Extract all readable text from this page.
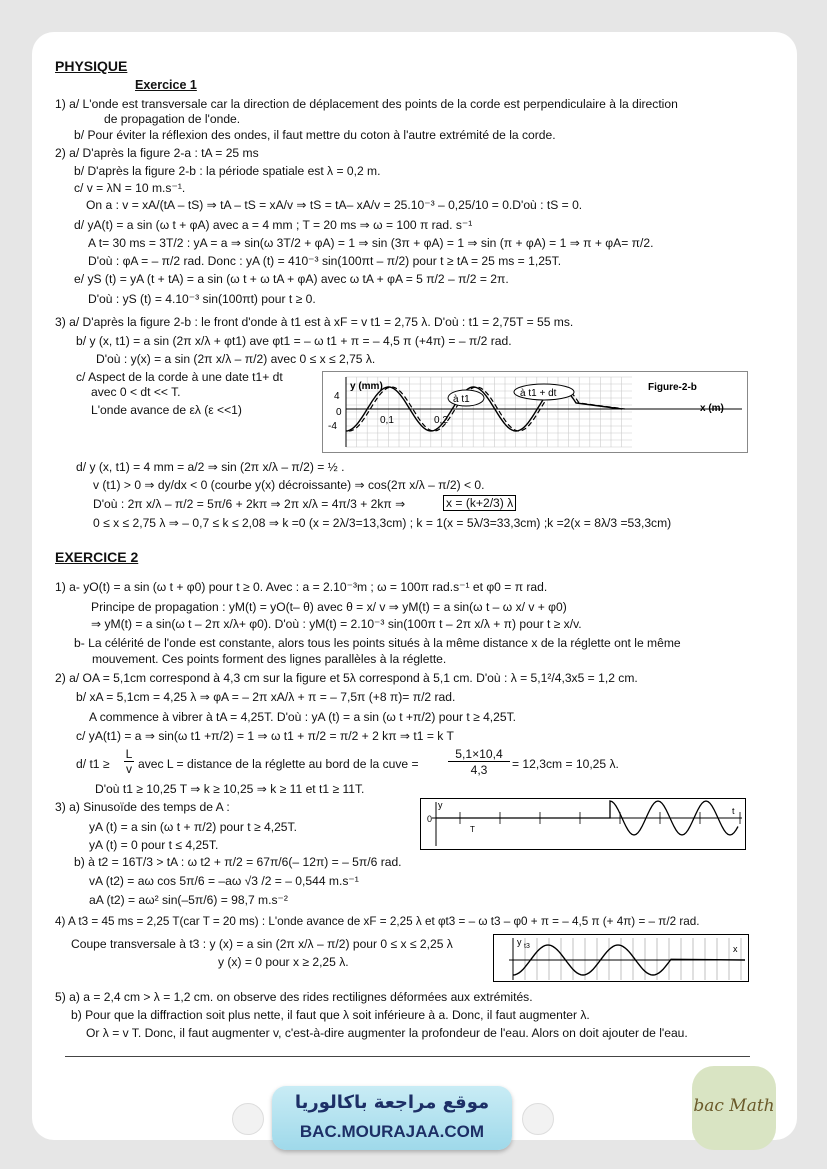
PHYSIQUE
Exercice 1
1) a/ L'onde est transversale car la direction de déplacement des points de la corde est perpendiculaire à la direction
de propagation de l'onde.
b/ Pour éviter la réflexion des ondes, il faut mettre du coton à l'autre extrémité de la corde.
2) a/ D'après la figure 2-a : tA = 25 ms
b/ D'après la figure 2-b : la période spatiale est λ = 0,2 m.
c/ v = λN = 10 m.s⁻¹.
On a : v = xA/(tA – tS) ⇒ tA – tS = xA/v ⇒ tS = tA– xA/v = 25.10⁻³ – 0,25/10 = 0.D'où : tS = 0.
d/ yA(t) = a sin (ω t + φA) avec a = 4 mm ; T = 20 ms ⇒ ω = 100 π rad. s⁻¹
A t= 30 ms = 3T/2 : yA = a ⇒ sin(ω 3T/2 + φA) = 1 ⇒ sin (3π + φA) = 1 ⇒ sin (π + φA) = 1 ⇒ π + φA= π/2.
D'où : φA = – π/2 rad. Donc : yA (t) = 410⁻³ sin(100πt – π/2) pour t ≥ tA = 25 ms = 1,25T.
e/ yS (t) = yA (t + tA) = a sin (ω t + ω tA + φA) avec ω tA + φA = 5 π/2 – π/2 = 2π.
D'où : yS (t) = 4.10⁻³ sin(100πt) pour t ≥ 0.
3) a/ D'après la figure 2-b : le front d'onde à t1 est à xF = v t1 = 2,75 λ. D'où : t1 = 2,75T = 55 ms.
b/ y (x, t1) = a sin (2π x/λ + φt1) ave φt1 = – ω t1 + π = – 4,5 π (+4π) = – π/2 rad.
D'où : y(x) = a sin (2π x/λ – π/2) avec 0 ≤ x ≤ 2,75 λ.
c/ Aspect de la corde à une date t1+ dt
avec 0 < dt << T.
L'onde avance de ελ (ε <<1)
y (mm)
x (m)
Figure-2-b
4
-4
0
0,1	0,2
à t1
à t1 + dt
d/ y (x, t1) = 4 mm = a/2 ⇒ sin (2π x/λ – π/2) = ½ .
v (t1) > 0 ⇒ dy/dx < 0 (courbe y(x) décroissante) ⇒ cos(2π x/λ – π/2) < 0.
D'où : 2π x/λ – π/2 = 5π/6 + 2kπ ⇒ 2π x/λ = 4π/3 + 2kπ ⇒	x = (k+2/3) λ
0 ≤ x ≤ 2,75 λ ⇒ – 0,7 ≤ k ≤ 2,08 ⇒ k =0 (x = 2λ/3=13,3cm) ; k = 1(x = 5λ/3=33,3cm) ;k =2(x = 8λ/3 =53,3cm)
EXERCICE 2
1) a- yO(t) = a sin (ω t + φ0) pour t ≥ 0. Avec : a = 2.10⁻³m ; ω = 100π rad.s⁻¹ et φ0 = π rad.
Principe de propagation : yM(t) = yO(t– θ) avec θ = x/ v ⇒ yM(t) = a sin(ω t – ω x/ v + φ0)
⇒ yM(t) = a sin(ω t – 2π x/λ+ φ0). D'où : yM(t) = 2.10⁻³ sin(100π t – 2π x/λ + π) pour t ≥ x/v.
b- La célérité de l'onde est constante, alors tous les points situés à la même distance x de la réglette ont le même
mouvement. Ces points forment des lignes parallèles à la réglette.
2) a/ OA = 5,1cm correspond à 4,3 cm sur la figure et 5λ correspond à 5,1 cm. D'où : λ = 5,1²/4,3x5 = 1,2 cm.
b/ xA = 5,1cm = 4,25 λ ⇒ φA = – 2π xA/λ + π = – 7,5π (+8 π)= π/2 rad.
A commence à vibrer à tA = 4,25T. D'où : yA (t) = a sin (ω t +π/2) pour t ≥ 4,25T.
c/ yA(t1) = a ⇒ sin(ω t1 +π/2) = 1 ⇒ ω t1 + π/2 = π/2 + 2 kπ ⇒ t1 = k T
d/ t1 ≥
L
v avec L = distance de la réglette au bord de la cuve =
5,1×10,4
4,3	= 12,3cm = 10,25 λ.
D'où t1 ≥ 10,25 T ⇒ k ≥ 10,25 ⇒ k ≥ 11 et t1 ≥ 11T.
3) a) Sinusoïde des temps de A :
yA (t) = a sin (ω t + π/2) pour t ≥ 4,25T.
yA (t) = 0 pour t ≤ 4,25T.
y
0
T
t
b) à t2 = 16T/3 > tA : ω t2 + π/2 = 67π/6(– 12π) = – 5π/6 rad.
vA (t2) = aω cos 5π/6 = –aω √3 /2 = – 0,544 m.s⁻¹
aA (t2) = aω² sin(–5π/6) = 98,7 m.s⁻²
4) A t3 = 45 ms = 2,25 T(car T = 20 ms) : L'onde avance de xF = 2,25 λ et φt3 = – ω t3 – φ0 + π = – 4,5 π (+ 4π) = – π/2 rad.
Coupe transversale à t3 : y (x) = a sin (2π x/λ – π/2) pour 0 ≤ x ≤ 2,25 λ
y (x) = 0 pour x ≥ 2,25 λ.
y t3	x
5) a) a = 2,4 cm > λ = 1,2 cm. on observe des rides rectilignes déformées aux extrémités.
b) Pour que la diffraction soit plus nette, il faut que λ soit inférieure à a. Donc, il faut augmenter λ.
Or λ = v T. Donc, il faut augmenter v, c'est-à-dire augmenter la profondeur de l'eau. Alors on doit ajouter de l'eau.
موقع مراجعة باكالوريا
BAC.MOURAJAA.COM
bac Math
